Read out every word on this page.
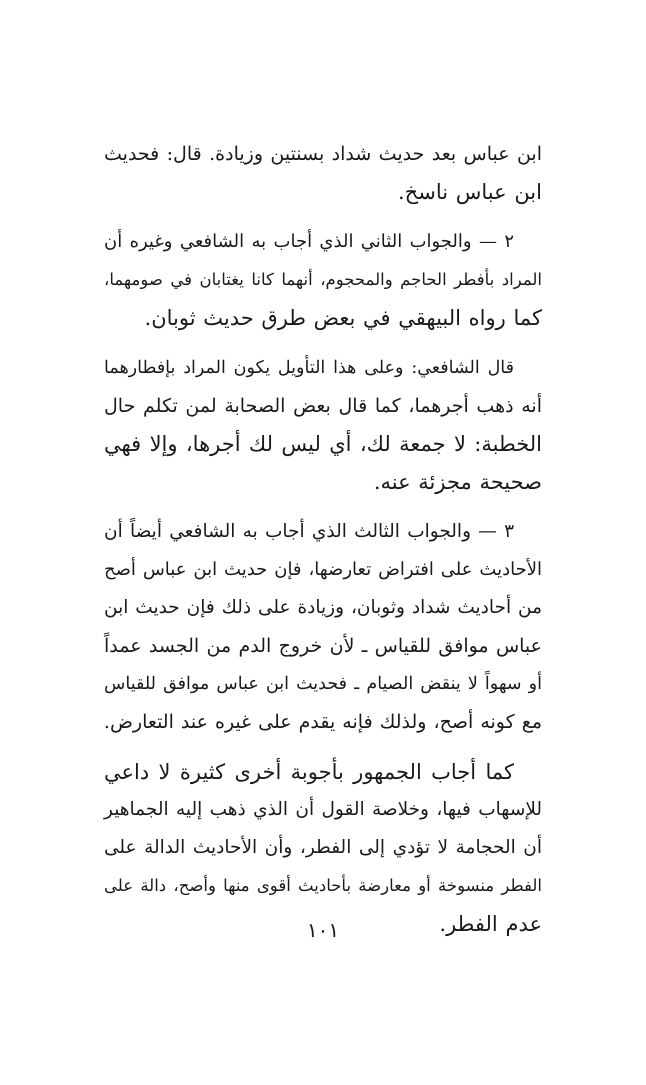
ابن عباس بعد حديث شداد بسنتين وزيادة. قال: فحديث
ابن عباس ناسخ.

٢ — والجواب الثاني الذي أجاب به الشافعي وغيره أن
المراد بأفطر الحاجم والمحجوم، أنهما كانا يغتابان في صومهما،
كما رواه البيهقي في بعض طرق حديث ثوبان.

قال الشافعي: وعلى هذا التأويل يكون المراد بإفطارهما
أنه ذهب أجرهما، كما قال بعض الصحابة لمن تكلم حال
الخطبة: لا جمعة لك، أي ليس لك أجرها، وإلا فهي
صحيحة مجزئة عنه.

٣ — والجواب الثالث الذي أجاب به الشافعي أيضاً أن
الأحاديث على افتراض تعارضها، فإن حديث ابن عباس أصح
من أحاديث شداد وثوبان، وزيادة على ذلك فإن حديث ابن
عباس موافق للقياس ـ لأن خروج الدم من الجسد عمداً
أو سهواً لا ينقض الصيام ـ فحديث ابن عباس موافق للقياس
مع كونه أصح، ولذلك فإنه يقدم على غيره عند التعارض.

كما أجاب الجمهور بأجوبة أخرى كثيرة لا داعي
للإسهاب فيها، وخلاصة القول أن الذي ذهب إليه الجماهير
أن الحجامة لا تؤدي إلى الفطر، وأن الأحاديث الدالة على
الفطر منسوخة أو معارضة بأحاديث أقوى منها وأصح، دالة على
عدم الفطر.

١٠١
